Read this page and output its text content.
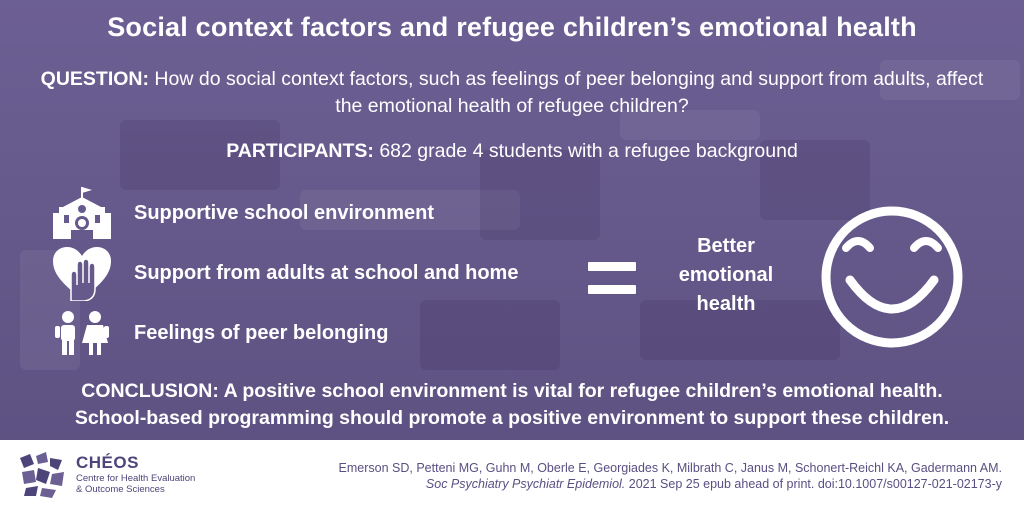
Social context factors and refugee children’s emotional health
QUESTION: How do social context factors, such as feelings of peer belonging and support from adults, affect the emotional health of refugee children?
PARTICIPANTS: 682 grade 4 students with a refugee background
Supportive school environment
Support from adults at school and home
Feelings of peer belonging
Better
emotional
health
CONCLUSION: A positive school environment is vital for refugee children’s emotional health.
School-based programming should promote a positive environment to support these children.
CHÉOS
Centre for Health Evaluation
& Outcome Sciences
Emerson SD, Petteni MG, Guhn M, Oberle E, Georgiades K, Milbrath C, Janus M, Schonert-Reichl KA, Gadermann AM.
Soc Psychiatry Psychiatr Epidemiol. 2021 Sep 25 epub ahead of print. doi:10.1007/s00127-021-02173-y
